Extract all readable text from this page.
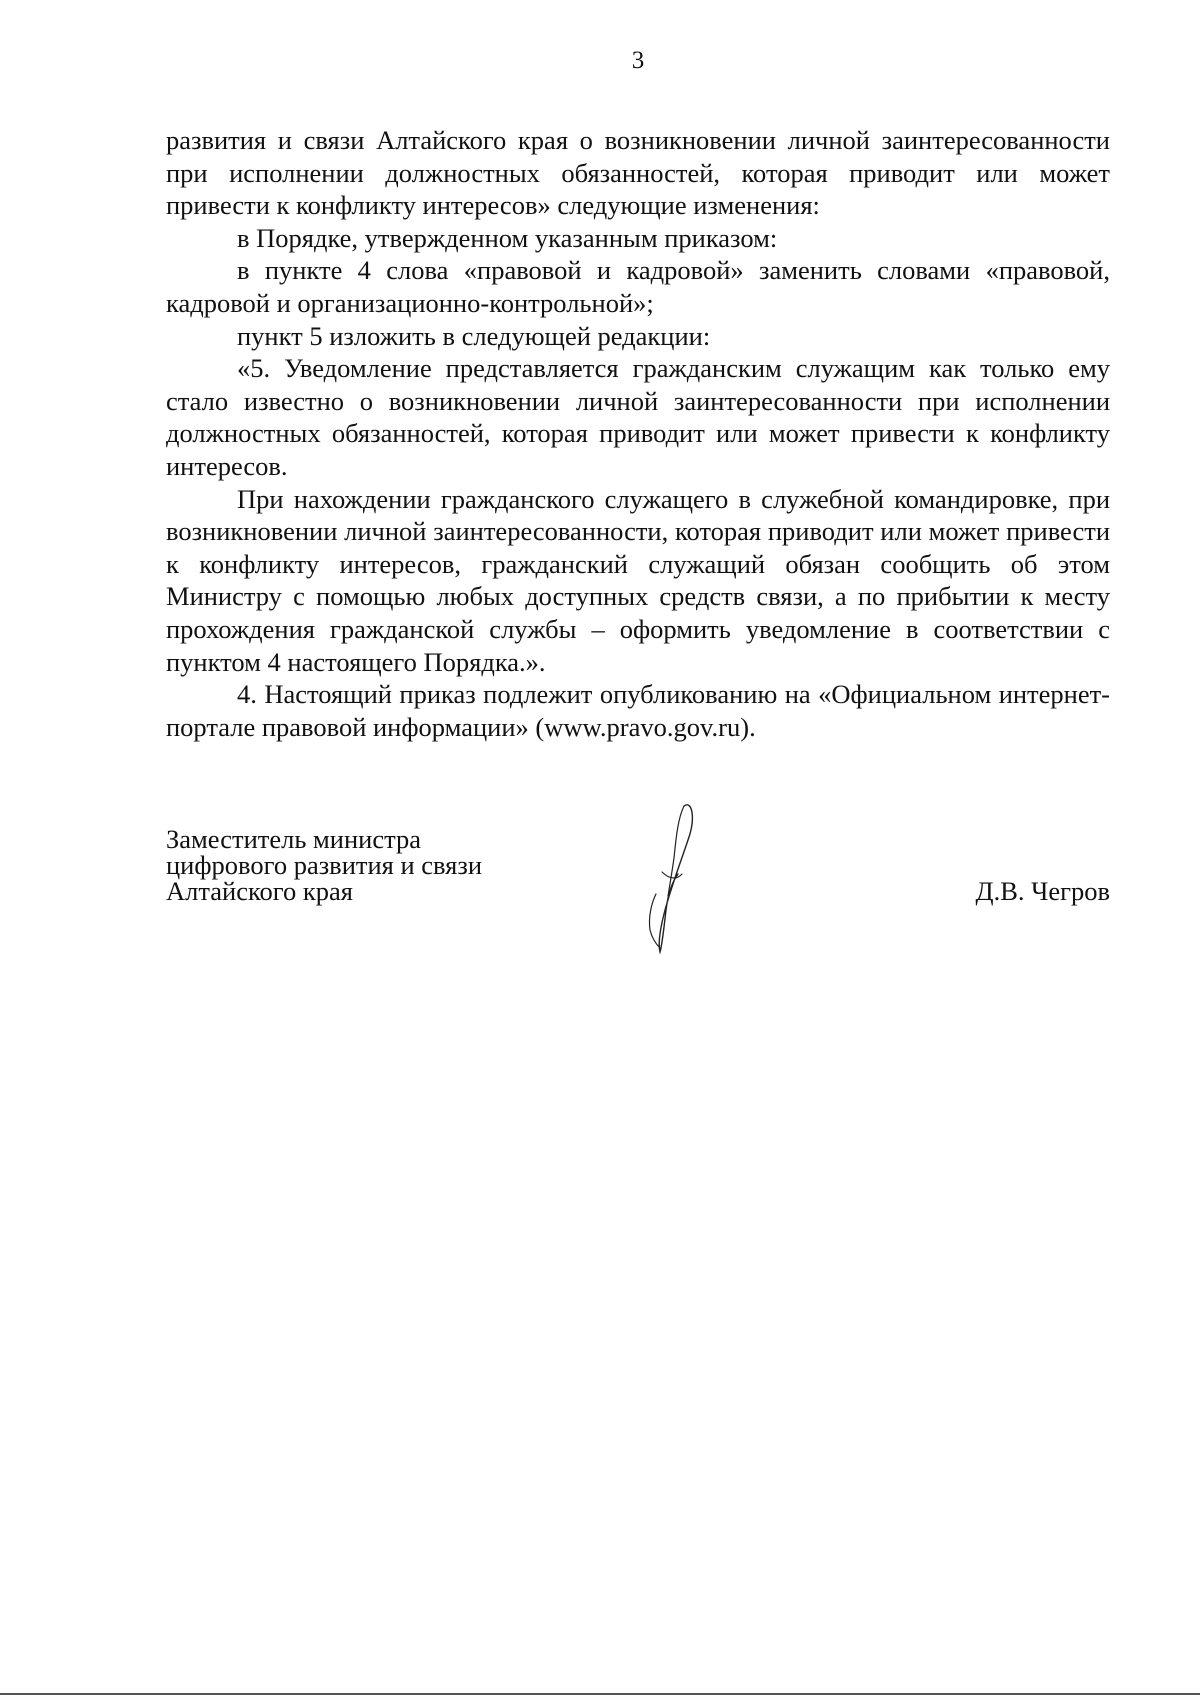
3

развития и связи Алтайского края о возникновении личной заинтересованности при исполнении должностных обязанностей, которая приводит или может привести к конфликту интересов» следующие изменения:

в Порядке, утвержденном указанным приказом:

в пункте 4 слова «правовой и кадровой» заменить словами «правовой, кадровой и организационно-контрольной»;

пункт 5 изложить в следующей редакции:

«5. Уведомление представляется гражданским служащим как только ему стало известно о возникновении личной заинтересованности при исполнении должностных обязанностей, которая приводит или может привести к конфликту интересов.

При нахождении гражданского служащего в служебной командировке, при возникновении личной заинтересованности, которая приводит или может привести к конфликту интересов, гражданский служащий обязан сообщить об этом Министру с помощью любых доступных средств связи, а по прибытии к месту прохождения гражданской службы – оформить уведомление в соответствии с пунктом 4 настоящего Порядка.».

4. Настоящий приказ подлежит опубликованию на «Официальном интернет-портале правовой информации» (www.pravo.gov.ru).

Заместитель министра
цифрового развития и связи
Алтайского края	Д.В. Чегров
